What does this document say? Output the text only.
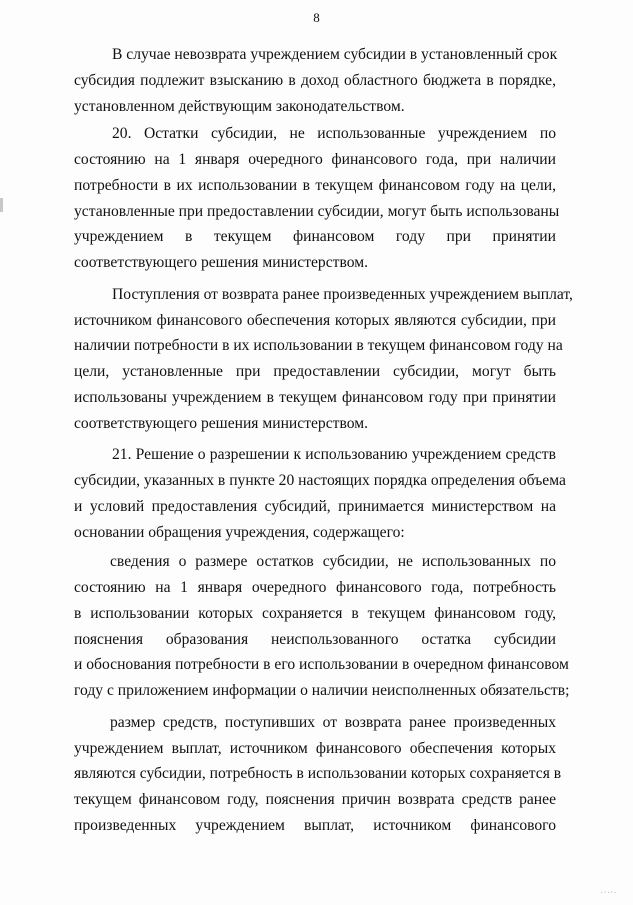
8
В случае невозврата учреждением субсидии в установленный срок
субсидия подлежит взысканию в доход областного бюджета в порядке,
установленном действующим законодательством.
20. Остатки субсидии, не использованные учреждением по
состоянию на 1 января очередного финансового года, при наличии
потребности в их использовании в текущем финансовом году на цели,
установленные при предоставлении субсидии, могут быть использованы
учреждением в текущем финансовом году при принятии
соответствующего решения министерством.
Поступления от возврата ранее произведенных учреждением выплат,
источником финансового обеспечения которых являются субсидии, при
наличии потребности в их использовании в текущем финансовом году на
цели, установленные при предоставлении субсидии, могут быть
использованы учреждением в текущем финансовом году при принятии
соответствующего решения министерством.
21. Решение о разрешении к использованию учреждением средств
субсидии, указанных в пункте 20 настоящих порядка определения объема
и условий предоставления субсидий, принимается министерством на
основании обращения учреждения, содержащего:
сведения о размере остатков субсидии, не использованных по
состоянию на 1 января очередного финансового года, потребность
в использовании которых сохраняется в текущем финансовом году,
пояснения образования неиспользованного остатка субсидии
и обоснования потребности в его использовании в очередном финансовом
году с приложением информации о наличии неисполненных обязательств;
размер средств, поступивших от возврата ранее произведенных
учреждением выплат, источником финансового обеспечения которых
являются субсидии, потребность в использовании которых сохраняется в
текущем финансовом году, пояснения причин возврата средств ранее
произведенных учреждением выплат, источником финансового
∙·∙·∙
